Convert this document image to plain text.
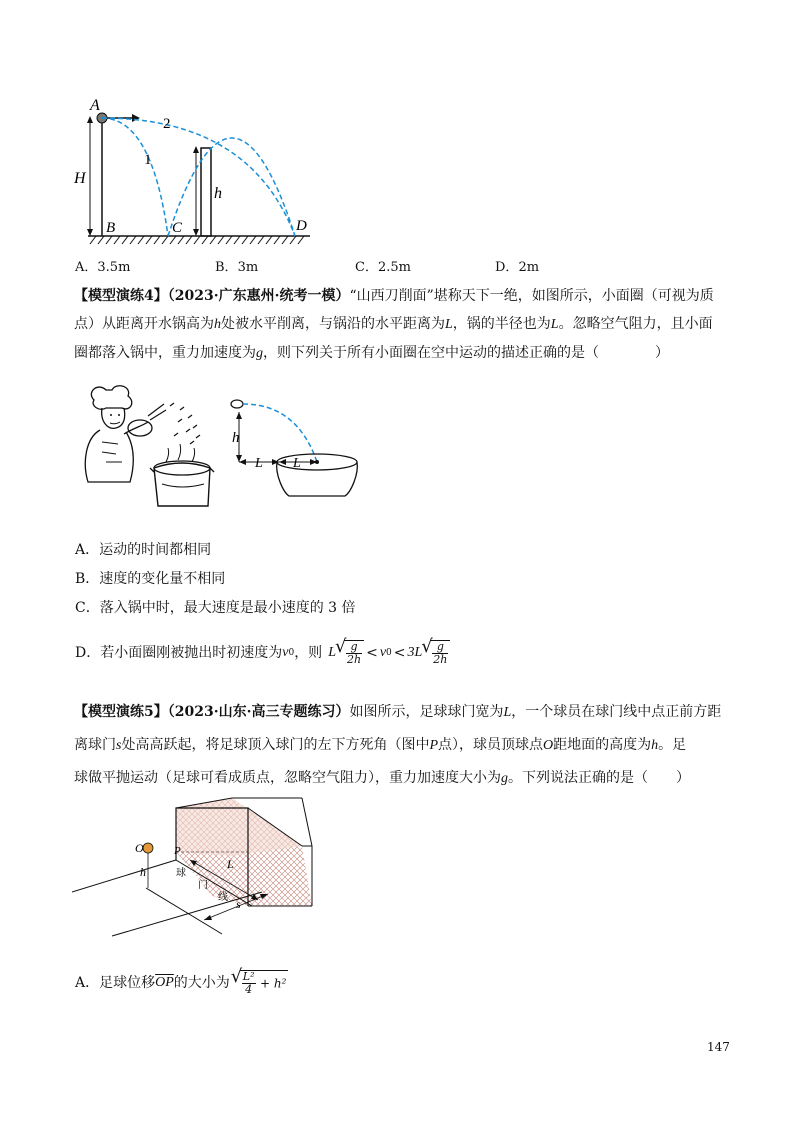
A
H
B	C	D
h
1
2
A．3.5m	B．3m	C．2.5m	D．2m
【模型演练4】（2023·广东惠州·统考一模）“山西刀削面”堪称天下一绝，如图所示，小面圈（可视为质
点）从距离开水锅高为h处被水平削离，与锅沿的水平距离为L，锅的半径也为L。忽略空气阻力，且小面
圈都落入锅中，重力加速度为g，则下列关于所有小面圈在空中运动的描述正确的是（　　　　）
h
L L
A．运动的时间都相同
B．速度的变化量不相同
C．落入锅中时，最大速度是最小速度的 3 倍
D．若小面圈刚被抛出时初速度为 v 0 ，则 L √ $\frac{g}{2h} < v$ 0 < 3L √ $\frac{g}{2h}$
【模型演练5】（2023·山东·高三专题练习）如图所示，足球球门宽为L，一个球员在球门线中点正前方距
离球门s处高高跃起，将足球顶入球门的左下方死角（图中P点），球员顶球点O距地面的高度为h。足
球做平抛运动（足球可看成质点，忽略空气阻力），重力加速度大小为g。下列说法正确的是（　　）
O	P
L
h
s
球
门
线
A．足球位移 $\overline{OP}$ 的大小为 √ $\frac{\text{L²}}{4} + h^2$
147
